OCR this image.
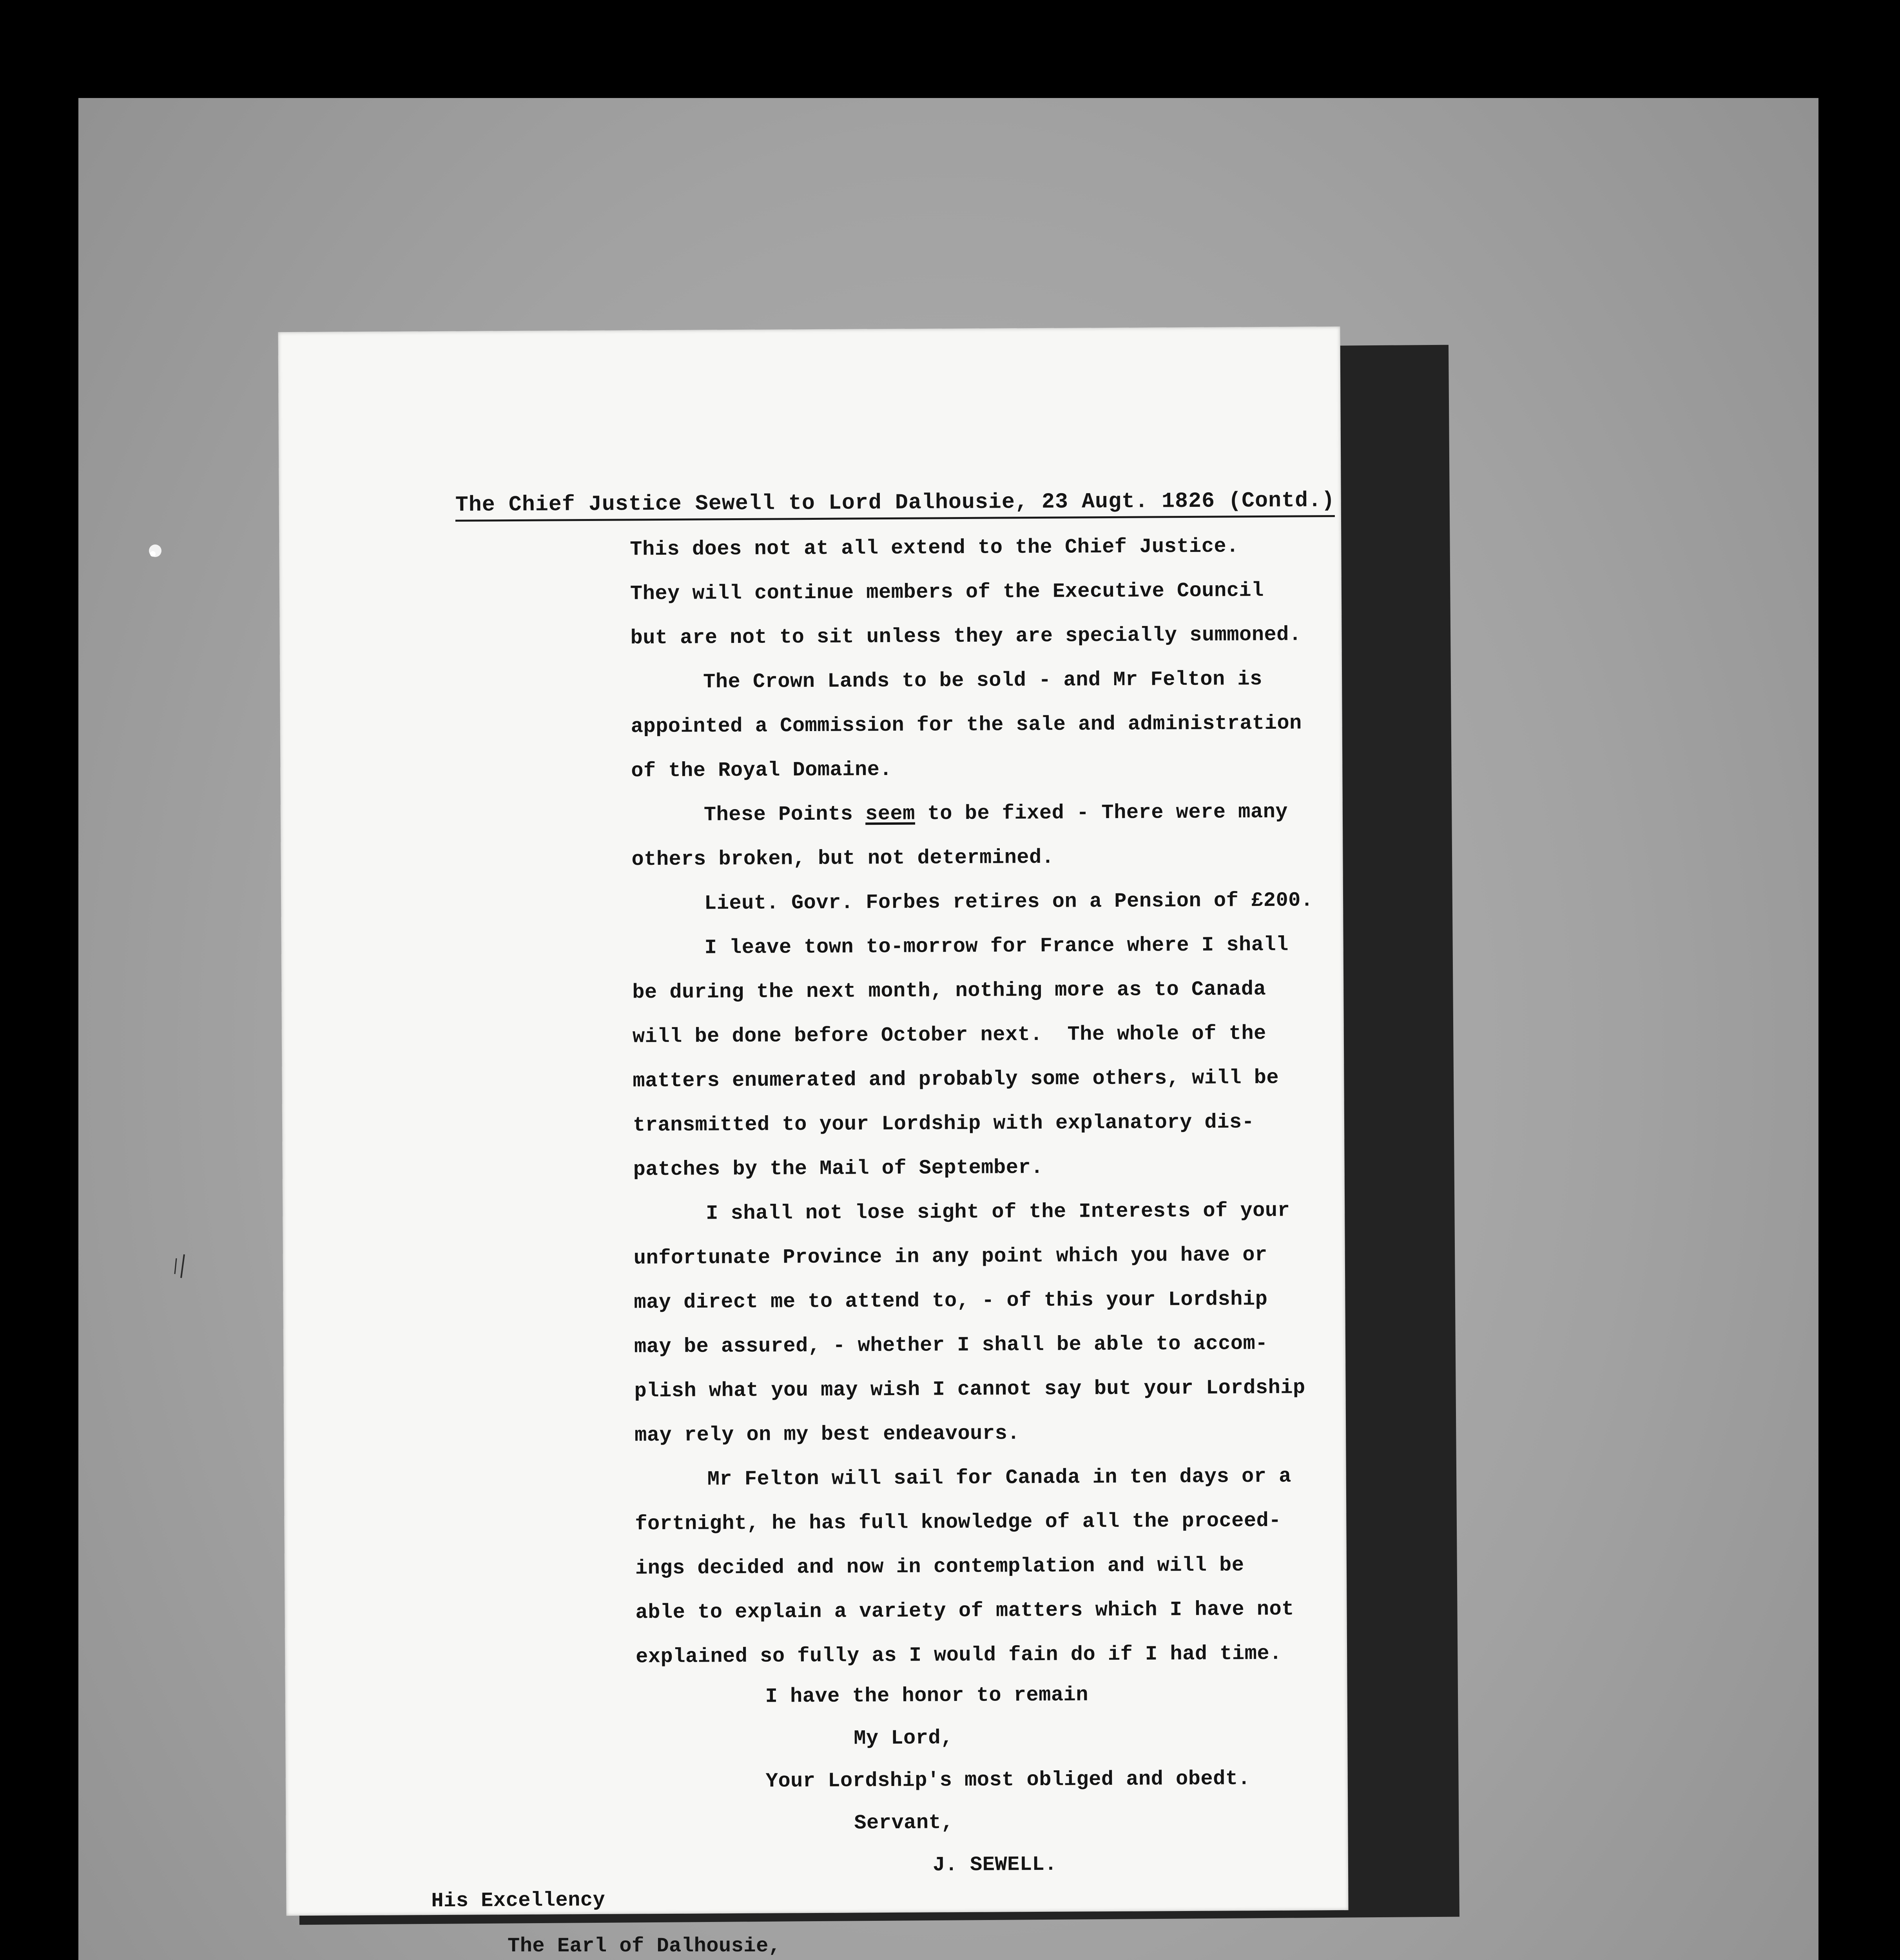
The Chief Justice Sewell to Lord Dalhousie, 23 Augt. 1826 (Contd.)
This does not at all extend to the Chief Justice.
They will continue members of the Executive Council
but are not to sit unless they are specially summoned.
The Crown Lands to be sold - and Mr Felton is
appointed a Commission for the sale and administration
of the Royal Domaine.
These Points seem to be fixed - There were many
others broken, but not determined.
Lieut. Govr. Forbes retires on a Pension of £200.
I leave town to-morrow for France where I shall
be during the next month, nothing more as to Canada
will be done before October next.  The whole of the
matters enumerated and probably some others, will be
transmitted to your Lordship with explanatory dis-
patches by the Mail of September.
I shall not lose sight of the Interests of your
unfortunate Province in any point which you have or
may direct me to attend to, - of this your Lordship
may be assured, - whether I shall be able to accom-
plish what you may wish I cannot say but your Lordship
may rely on my best endeavours.
Mr Felton will sail for Canada in ten days or a
fortnight, he has full knowledge of all the proceed-
ings decided and now in contemplation and will be
able to explain a variety of matters which I have not
explained so fully as I would fain do if I had time.
I have the honor to remain
My Lord,
Your Lordship's most obliged and obedt.
Servant,
J. SEWELL.
His Excellency
The Earl of Dalhousie,
